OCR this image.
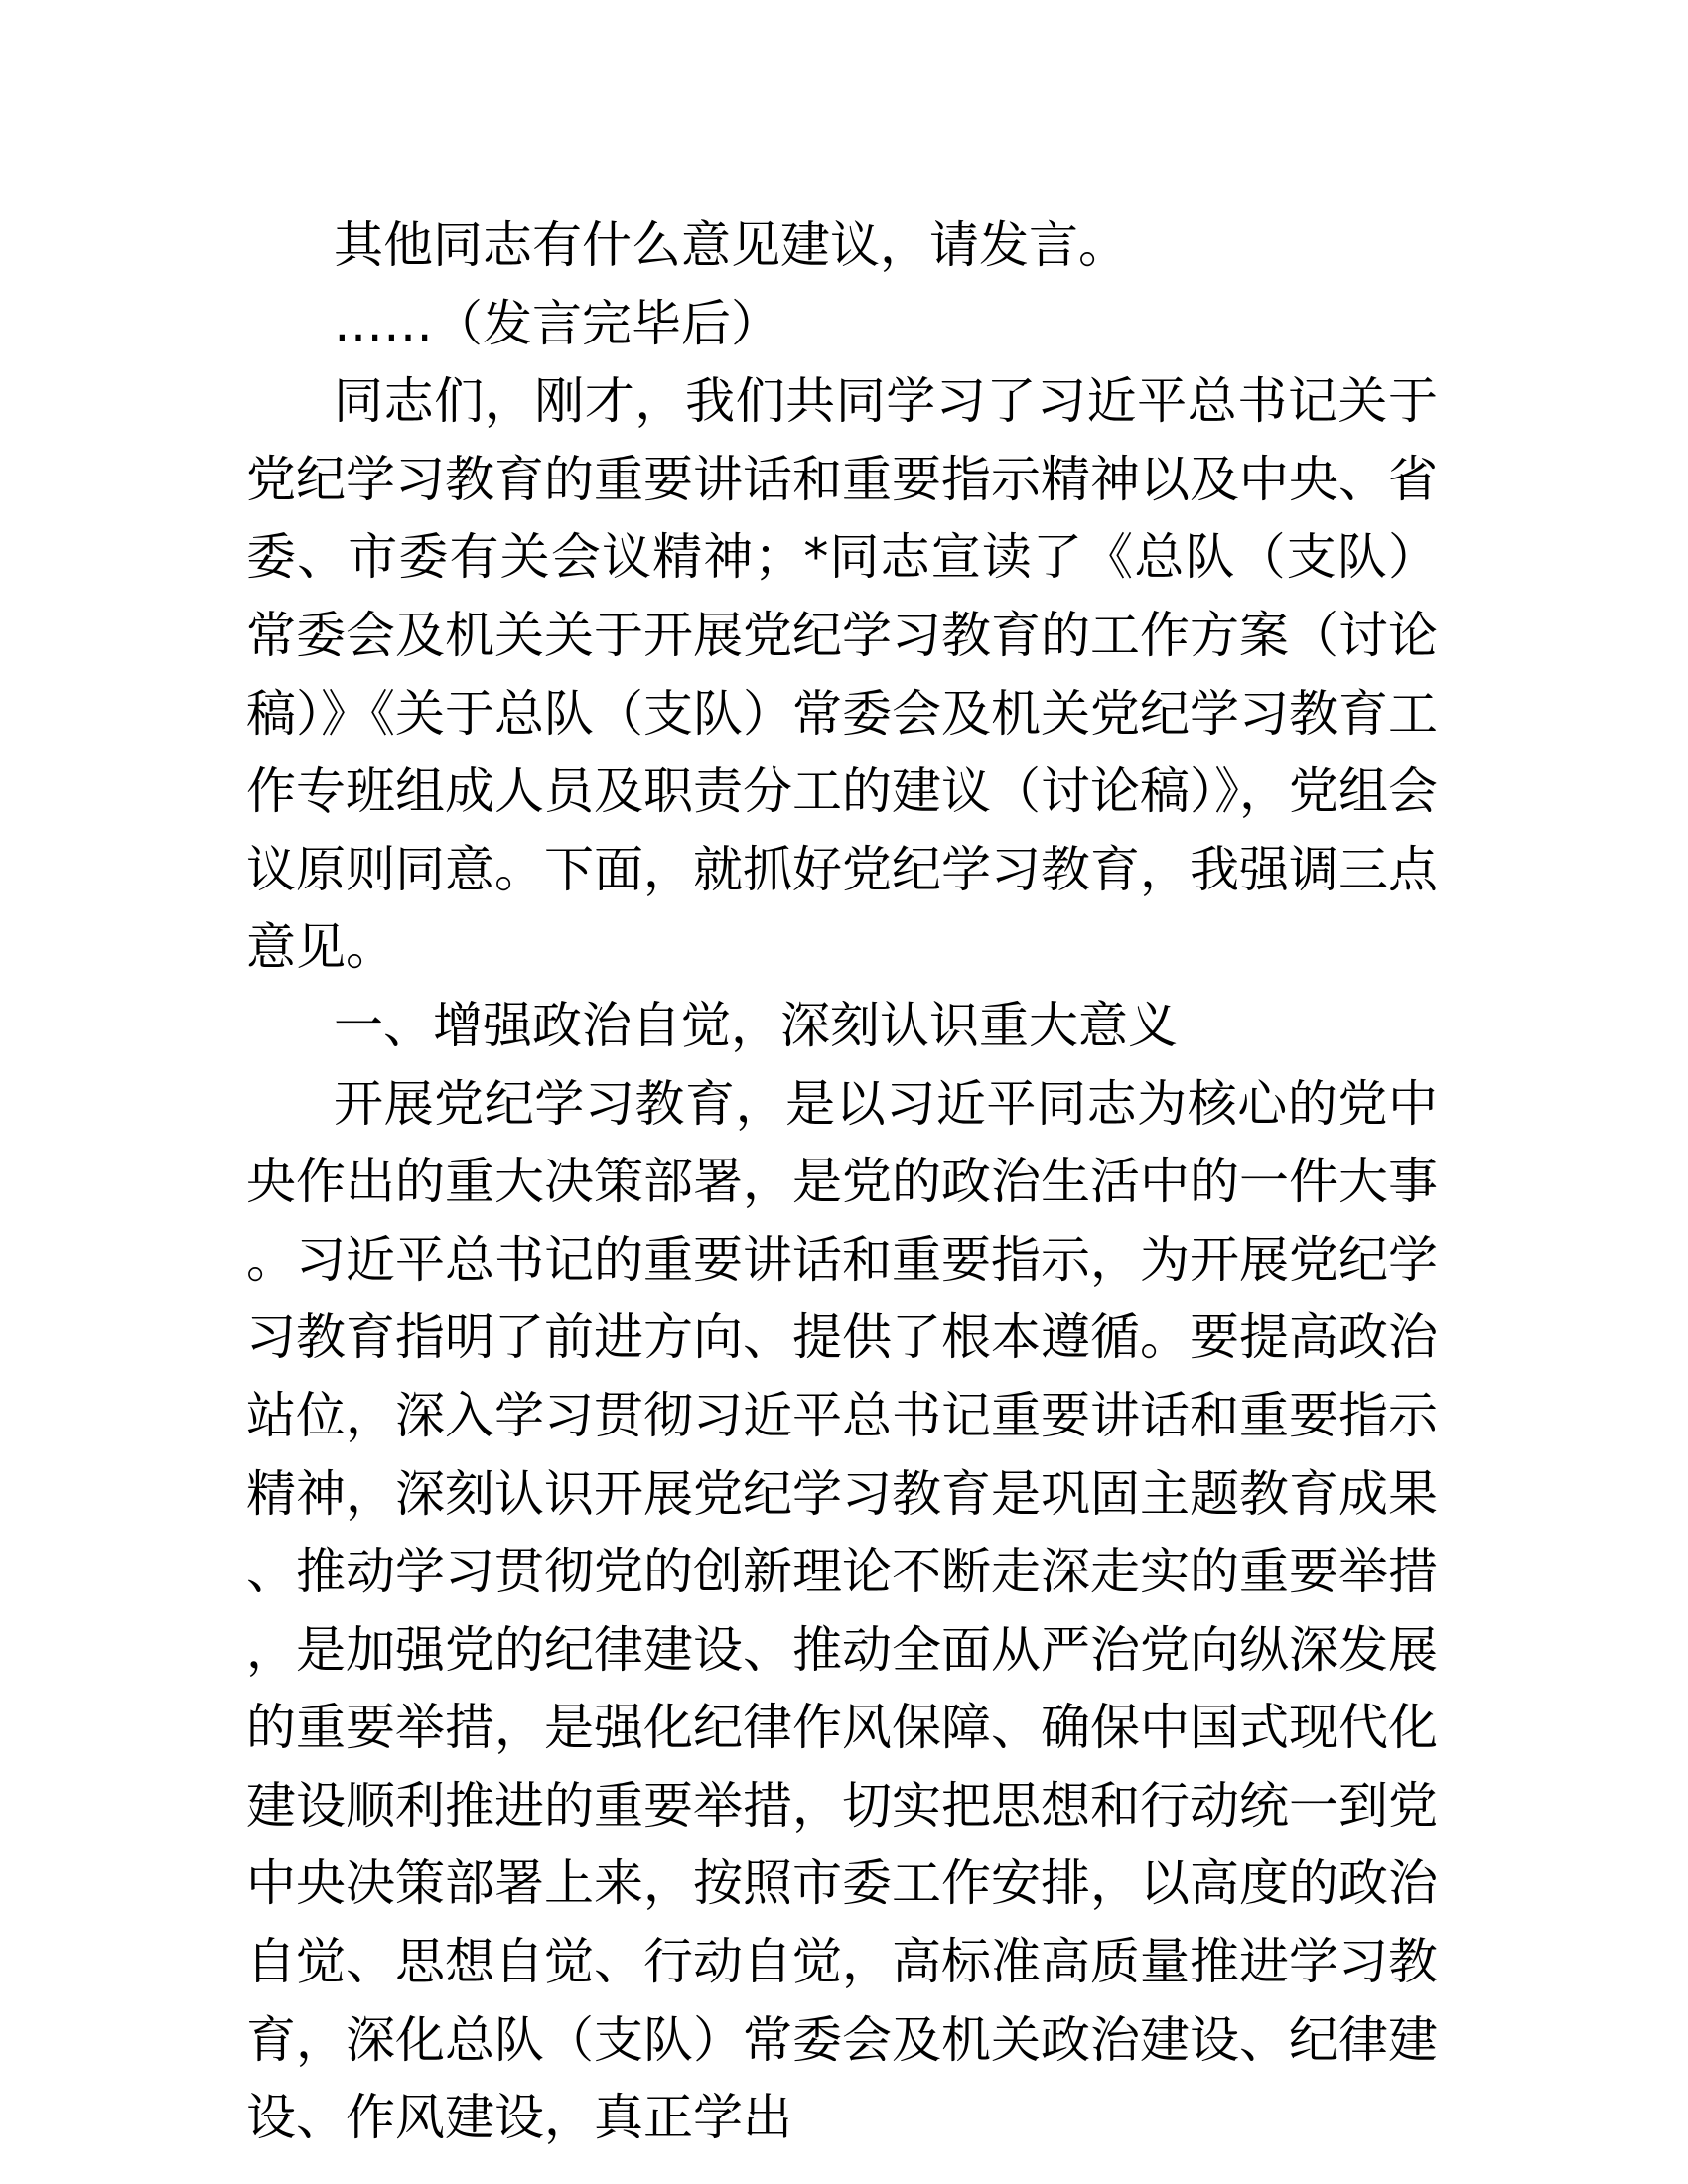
其他同志有什么意见建议，请发言。

……（发言完毕后）

同志们，刚才，我们共同学习了习近平总书记关于党纪学习教育的重要讲话和重要指示精神以及中央、省委、市委有关会议精神；*同志宣读了《总队（支队）常委会及机关关于开展党纪学习教育的工作方案（讨论稿）》《关于总队（支队）常委会及机关党纪学习教育工作专班组成人员及职责分工的建议（讨论稿）》，党组会议原则同意。下面，就抓好党纪学习教育，我强调三点意见。

一、增强政治自觉，深刻认识重大意义

开展党纪学习教育，是以习近平同志为核心的党中央作出的重大决策部署，是党的政治生活中的一件大事。习近平总书记的重要讲话和重要指示，为开展党纪学习教育指明了前进方向、提供了根本遵循。要提高政治站位，深入学习贯彻习近平总书记重要讲话和重要指示精神，深刻认识开展党纪学习教育是巩固主题教育成果、推动学习贯彻党的创新理论不断走深走实的重要举措，是加强党的纪律建设、推动全面从严治党向纵深发展的重要举措，是强化纪律作风保障、确保中国式现代化建设顺利推进的重要举措，切实把思想和行动统一到党中央决策部署上来，按照市委工作安排，以高度的政治自觉、思想自觉、行动自觉，高标准高质量推进学习教育，深化总队（支队）常委会及机关政治建设、纪律建设、作风建设，真正学出
